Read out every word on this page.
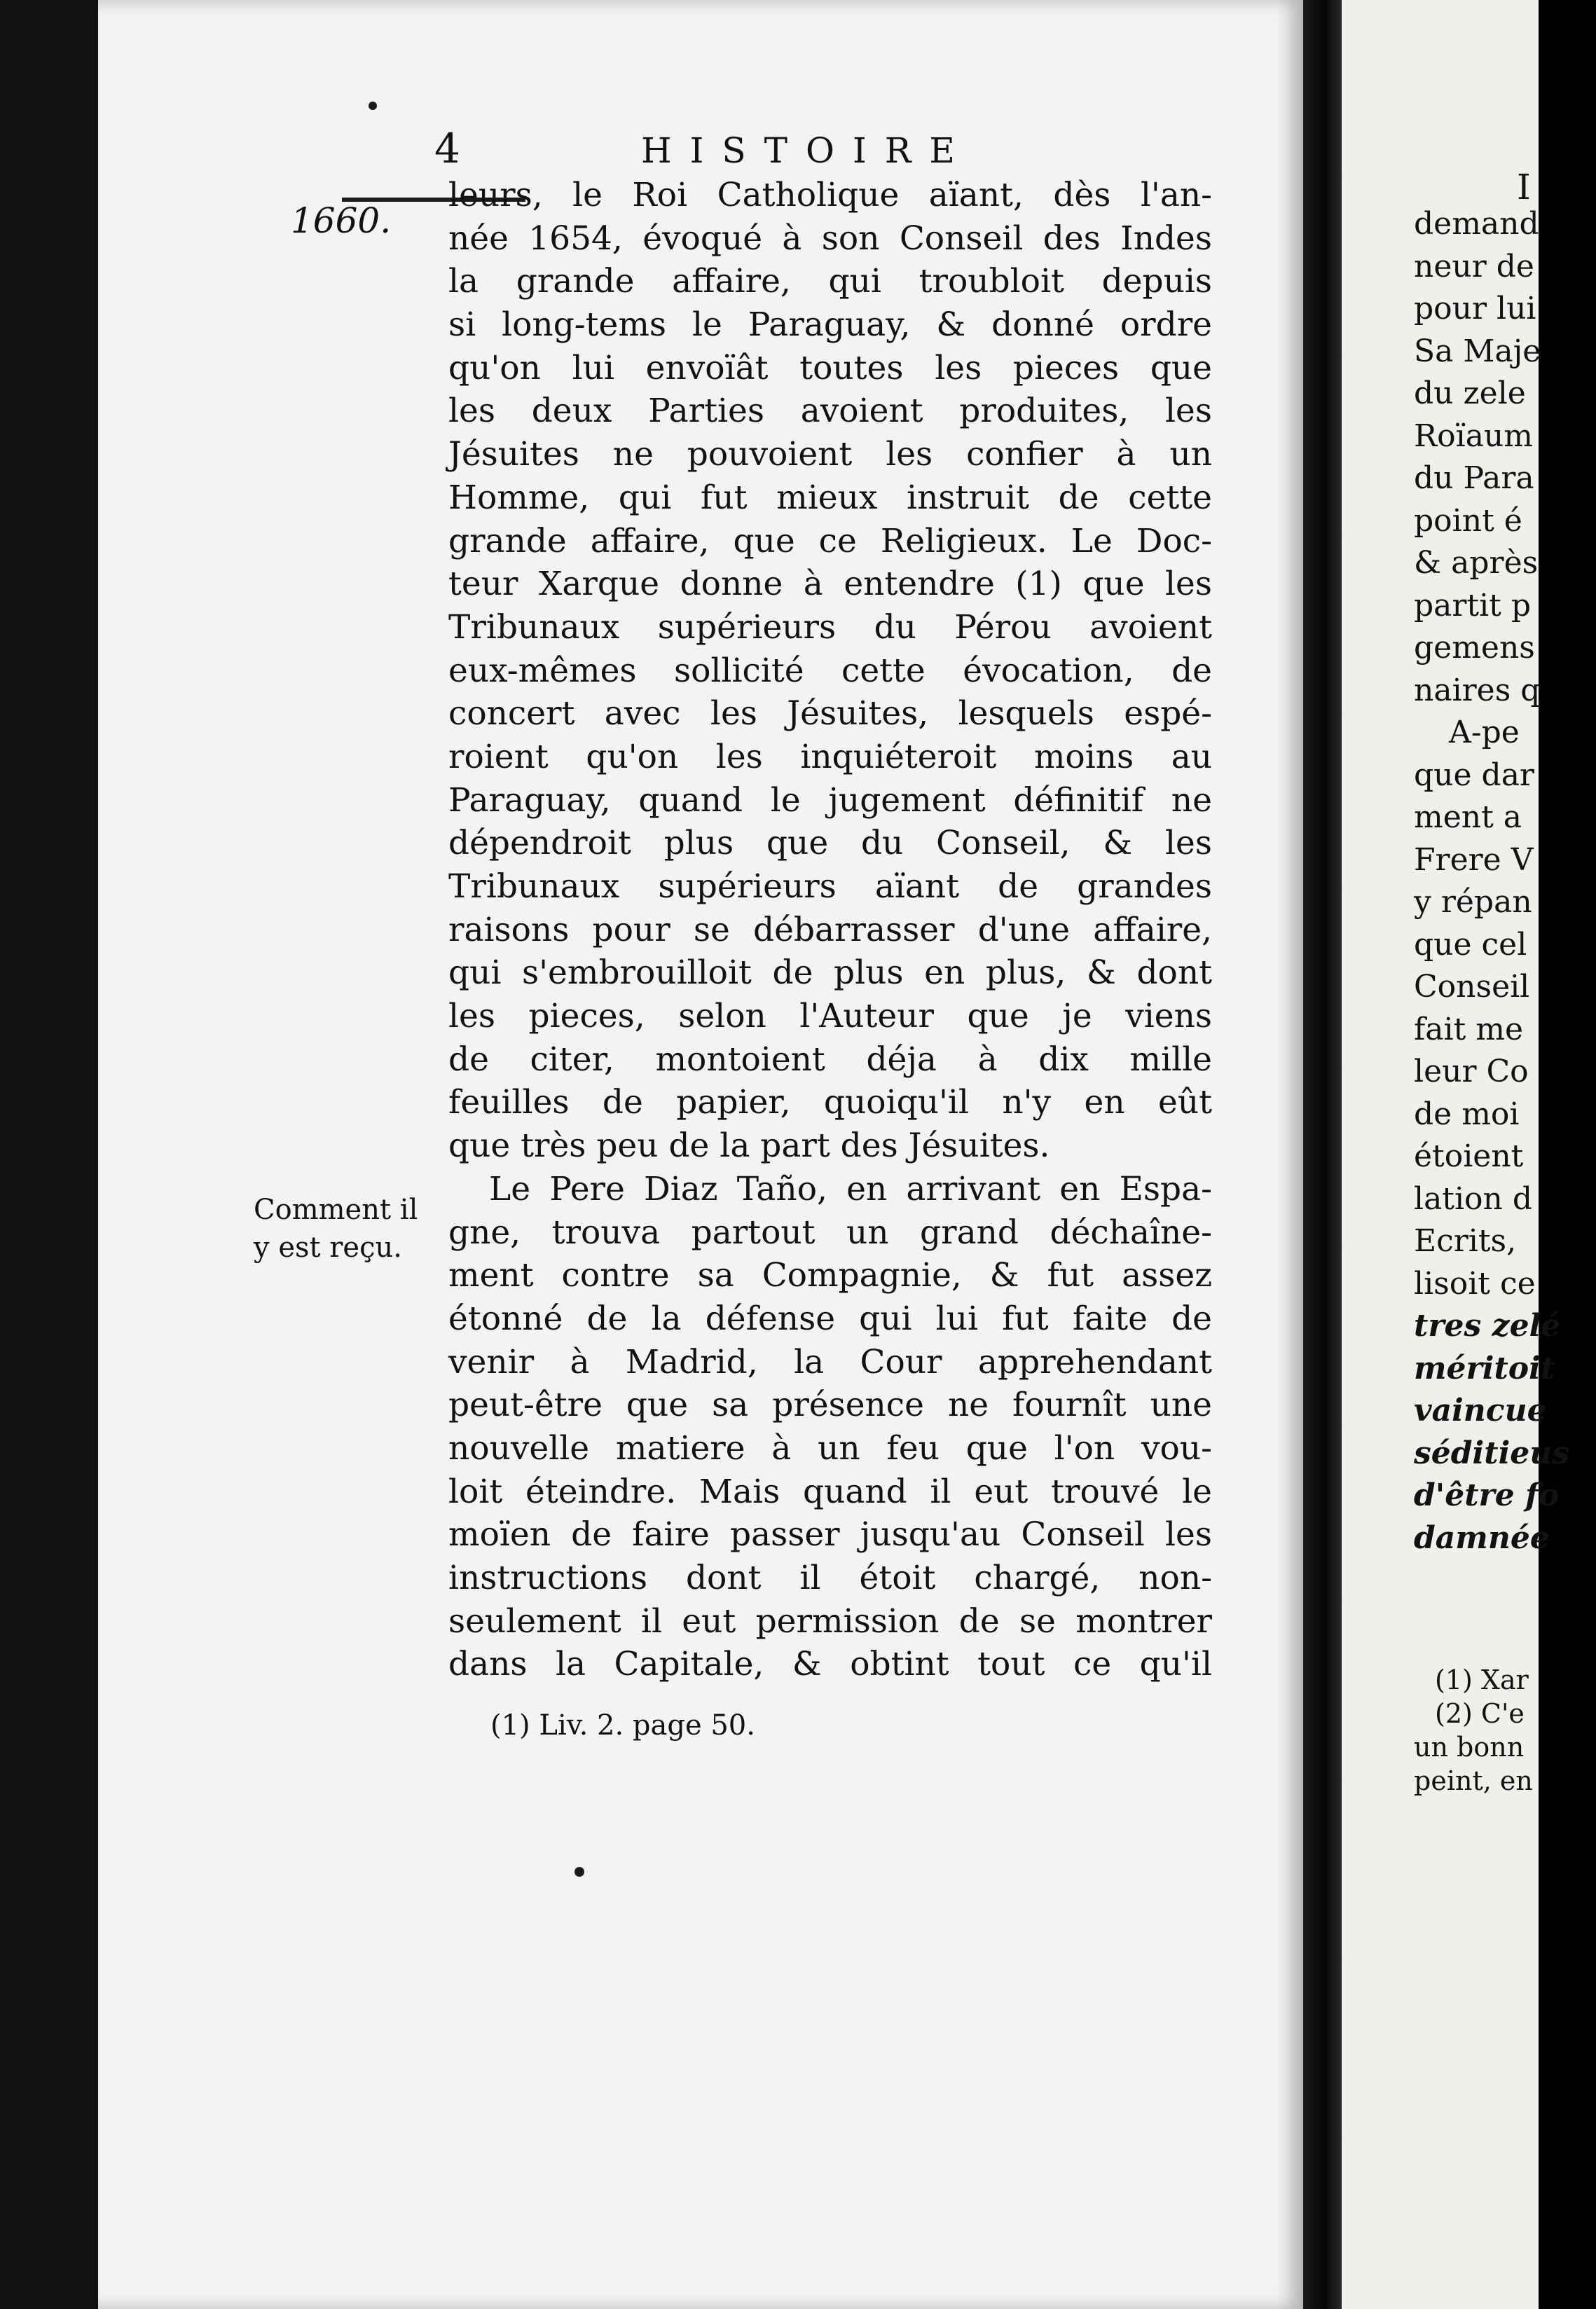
4	HISTOIRE
1660.
Comment il
y est reçu.
leurs, le Roi Catholique aïant, dès l'an-
née 1654, évoqué à son Conseil des Indes
la grande affaire, qui troubloit depuis
si long-tems le Paraguay, & donné ordre
qu'on lui envoïât toutes les pieces que
les deux Parties avoient produites, les
Jésuites ne pouvoient les confier à un
Homme, qui fut mieux instruit de cette
grande affaire, que ce Religieux. Le Doc-
teur Xarque donne à entendre (1) que les
Tribunaux supérieurs du Pérou avoient
eux-mêmes sollicité cette évocation, de
concert avec les Jésuites, lesquels espé-
roient qu'on les inquiéteroit moins au
Paraguay, quand le jugement définitif ne
dépendroit plus que du Conseil, & les
Tribunaux supérieurs aïant de grandes
raisons pour se débarrasser d'une affaire,
qui s'embrouilloit de plus en plus, & dont
les pieces, selon l'Auteur que je viens
de citer, montoient déja à dix mille
feuilles de papier, quoiqu'il n'y en eût
que très peu de la part des Jésuites.
Le Pere Diaz Taño, en arrivant en Espa-
gne, trouva partout un grand déchaîne-
ment contre sa Compagnie, & fut assez
étonné de la défense qui lui fut faite de
venir à Madrid, la Cour apprehendant
peut-être que sa présence ne fournît une
nouvelle matiere à un feu que l'on vou-
loit éteindre. Mais quand il eut trouvé le
moïen de faire passer jusqu'au Conseil les
instructions dont il étoit chargé, non-
seulement il eut permission de se montrer
dans la Capitale, & obtint tout ce qu'il
(1) Liv. 2. page 50.
I
demand
neur de
pour lui
Sa Maje
du zele
Roïaum
du Para
point é
& après
partit p
gemens
naires q
A-pe
que dar
ment a
Frere V
y répan
que cel
Conseil
fait me
leur Co
de moi
étoient
lation d
Ecrits,
lisoit ce
tres zelé
méritoit
vaincue
séditieus
d'être fo
damnée
(1) Xar
(2) C'e
un bonn
peint, en
